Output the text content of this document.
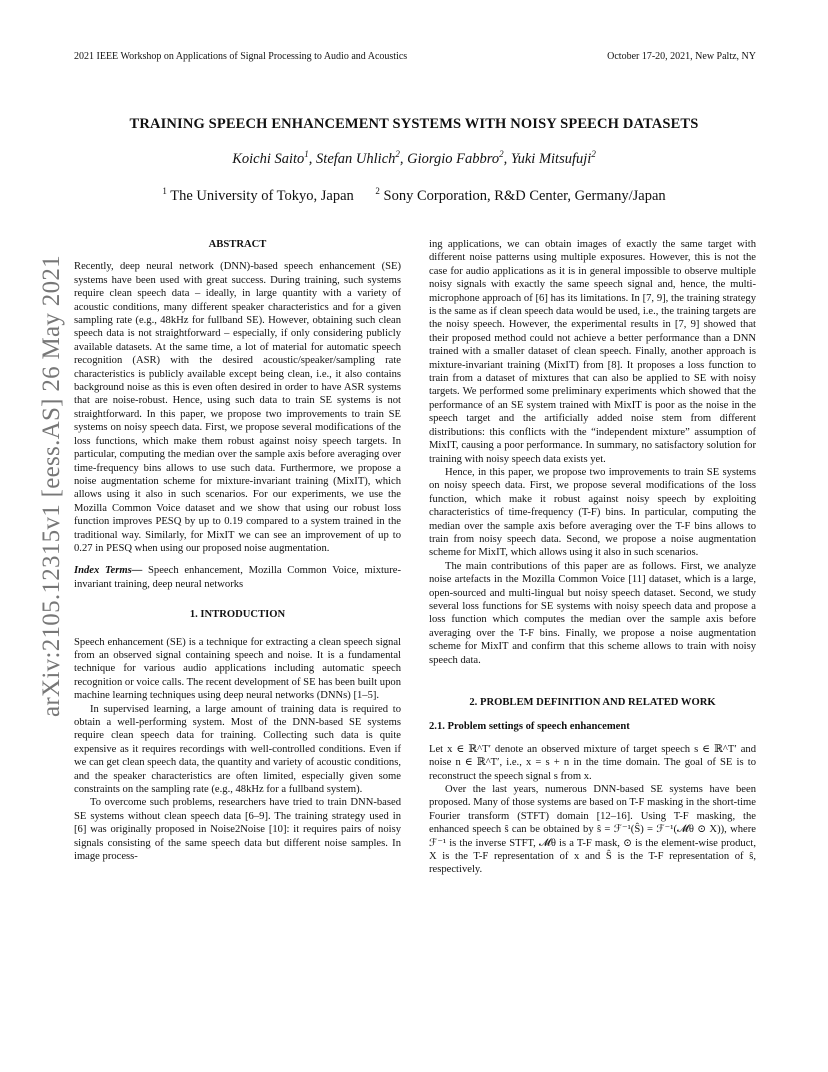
2021 IEEE Workshop on Applications of Signal Processing to Audio and Acoustics	October 17-20, 2021, New Paltz, NY
arXiv:2105.12315v1 [eess.AS] 26 May 2021
TRAINING SPEECH ENHANCEMENT SYSTEMS WITH NOISY SPEECH DATASETS
Koichi Saito$^1$, Stefan Uhlich$^2$, Giorgio Fabbro$^2$, Yuki Mitsufuji$^2$
$^1$ The University of Tokyo, Japan $^2$ Sony Corporation, R&D Center, Germany/Japan

ABSTRACT

Recently, deep neural network (DNN)-based speech enhancement (SE) systems have been used with great success. During training, such systems require clean speech data – ideally, in large quantity with a variety of acoustic conditions, many different speaker characteristics and for a given sampling rate (e.g., 48kHz for fullband SE). However, obtaining such clean speech data is not straightforward – especially, if only considering publicly available datasets. At the same time, a lot of material for automatic speech recognition (ASR) with the desired acoustic/speaker/sampling rate characteristics is publicly available except being clean, i.e., it also contains background noise as this is even often desired in order to have ASR systems that are noise-robust. Hence, using such data to train SE systems is not straightforward. In this paper, we propose two improvements to train SE systems on noisy speech data. First, we propose several modifications of the loss functions, which make them robust against noisy speech targets. In particular, computing the median over the sample axis before averaging over time-frequency bins allows to use such data. Furthermore, we propose a noise augmentation scheme for mixture-invariant training (MixIT), which allows using it also in such scenarios. For our experiments, we use the Mozilla Common Voice dataset and we show that using our robust loss function improves PESQ by up to 0.19 compared to a system trained in the traditional way. Similarly, for MixIT we can see an improvement of up to 0.27 in PESQ when using our proposed noise augmentation.

Index Terms— Speech enhancement, Mozilla Common Voice, mixture-invariant training, deep neural networks

1. INTRODUCTION

Speech enhancement (SE) is a technique for extracting a clean speech signal from an observed signal containing speech and noise. It is a fundamental technique for various audio applications including automatic speech recognition or voice calls. The recent development of SE has been built upon machine learning techniques using deep neural networks (DNNs) [1–5].

In supervised learning, a large amount of training data is required to obtain a well-performing system. Most of the DNN-based SE systems require clean speech data for training. Collecting such data is quite expensive as it requires recordings with well-controlled conditions. Even if we can get clean speech data, the quantity and variety of acoustic conditions, and the speaker characteristics are often limited, especially given some constraints on the sampling rate (e.g., 48kHz for a fullband system).

To overcome such problems, researchers have tried to train DNN-based SE systems without clean speech data [6–9]. The training strategy used in [6] was originally proposed in Noise2Noise [10]: it requires pairs of noisy signals consisting of the same speech data but different noise samples. In image process-

ing applications, we can obtain images of exactly the same target with different noise patterns using multiple exposures. However, this is not the case for audio applications as it is in general impossible to observe multiple noisy signals with exactly the same speech signal and, hence, the multi-microphone approach of [6] has its limitations. In [7, 9], the training strategy is the same as if clean speech data would be used, i.e., the training targets are the noisy speech. However, the experimental results in [7, 9] showed that their proposed method could not achieve a better performance than a DNN trained with a smaller dataset of clean speech. Finally, another approach is mixture-invariant training (MixIT) from [8]. It proposes a loss function to train from a dataset of mixtures that can also be applied to SE with noisy targets. We performed some preliminary experiments which showed that the performance of an SE system trained with MixIT is poor as the noise in the speech target and the artificially added noise stem from different distributions: this conflicts with the “independent mixture” assumption of MixIT, causing a poor performance. In summary, no satisfactory solution for training with noisy speech data exists yet.

Hence, in this paper, we propose two improvements to train SE systems on noisy speech data. First, we propose several modifications of the loss function, which make it robust against noisy speech by exploiting characteristics of time-frequency (T-F) bins. In particular, computing the median over the sample axis before averaging over the T-F bins allows to train from noisy speech data. Second, we propose a noise augmentation scheme for MixIT, which allows using it also in such scenarios.

The main contributions of this paper are as follows. First, we analyze noise artefacts in the Mozilla Common Voice [11] dataset, which is a large, open-sourced and multi-lingual but noisy speech dataset. Second, we study several loss functions for SE systems with noisy speech data and propose a loss function which computes the median over the sample axis before averaging over the T-F bins. Finally, we propose a noise augmentation scheme for MixIT and confirm that this scheme allows to train with noisy speech data.

2. PROBLEM DEFINITION AND RELATED WORK

2.1. Problem settings of speech enhancement

Let x ∈ ℝ^T′ denote an observed mixture of target speech s ∈ ℝ^T′ and noise n ∈ ℝ^T′, i.e., x = s + n in the time domain. The goal of SE is to reconstruct the speech signal s from x.

Over the last years, numerous DNN-based SE systems have been proposed. Many of those systems are based on T-F masking in the short-time Fourier transform (STFT) domain [12–16]. Using T-F masking, the enhanced speech ŝ can be obtained by ŝ = ℱ⁻¹(Ŝ) = ℱ⁻¹(𝓜θ ⊙ X)), where ℱ⁻¹ is the inverse STFT, 𝓜θ is a T-F mask, ⊙ is the element-wise product, X is the T-F representation of x and Ŝ is the T-F representation of ŝ, respectively.
